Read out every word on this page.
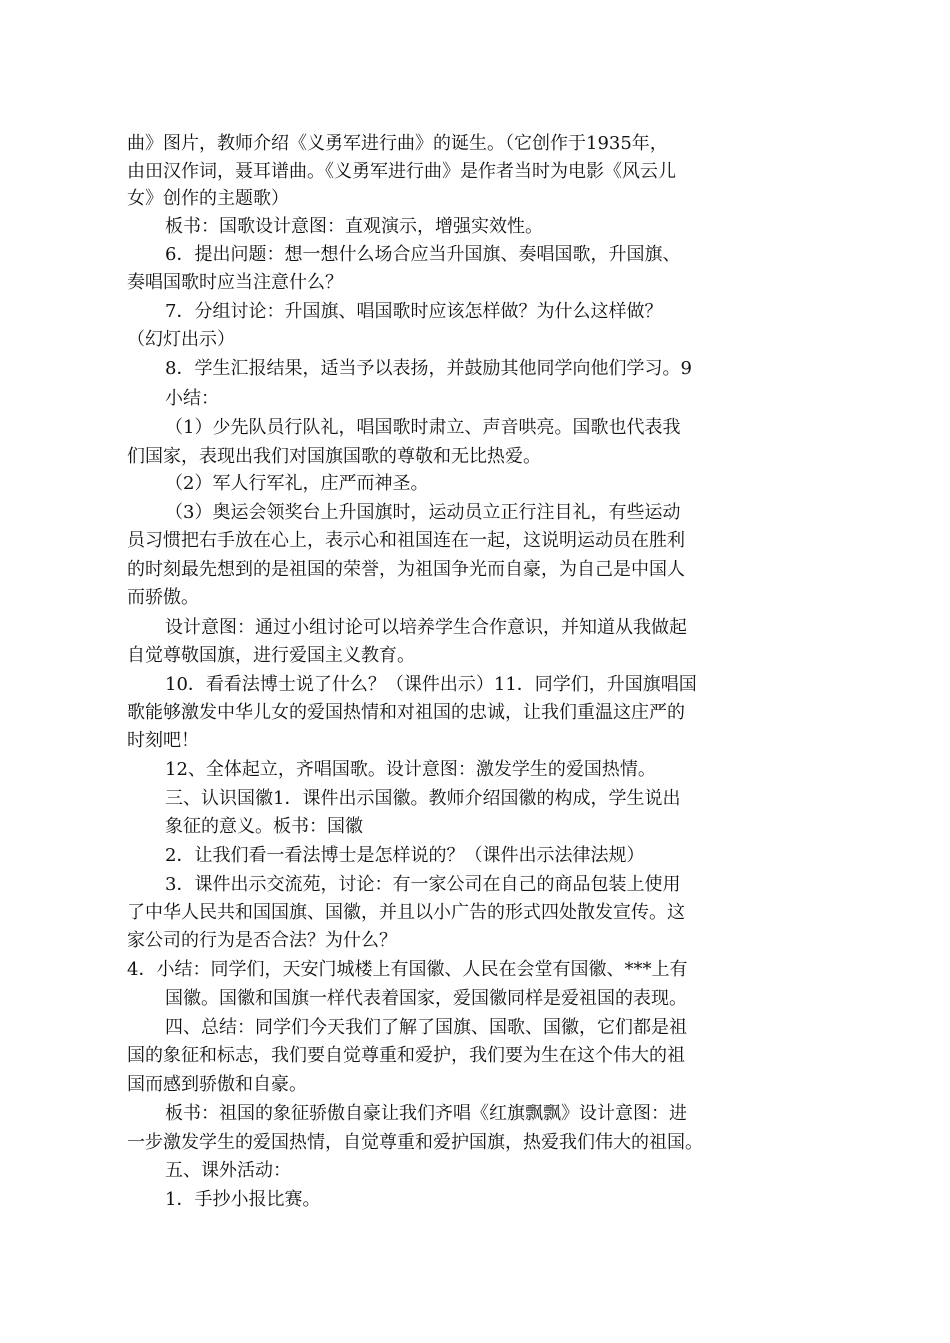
曲》图片，教师介绍《义勇军进行曲》的诞生。（它创作于1935年，
由田汉作词，聂耳谱曲。《义勇军进行曲》是作者当时为电影《风云儿
女》创作的主题歌）
板书：国歌设计意图：直观演示，增强实效性。
6．提出问题：想一想什么场合应当升国旗、奏唱国歌，升国旗、
奏唱国歌时应当注意什么？
7．分组讨论：升国旗、唱国歌时应该怎样做？为什么这样做？
（幻灯出示）
8．学生汇报结果，适当予以表扬，并鼓励其他同学向他们学习。9
小结：
（1）少先队员行队礼，唱国歌时肃立、声音哄亮。国歌也代表我
们国家，表现出我们对国旗国歌的尊敬和无比热爱。
（2）军人行军礼，庄严而神圣。
（3）奥运会领奖台上升国旗时，运动员立正行注目礼，有些运动
员习惯把右手放在心上，表示心和祖国连在一起，这说明运动员在胜利
的时刻最先想到的是祖国的荣誉，为祖国争光而自豪，为自己是中国人
而骄傲。
设计意图：通过小组讨论可以培养学生合作意识，并知道从我做起
自觉尊敬国旗，进行爱国主义教育。
10．看看法博士说了什么？（课件出示）11．同学们，升国旗唱国
歌能够激发中华儿女的爱国热情和对祖国的忠诚，让我们重温这庄严的
时刻吧！
12、全体起立，齐唱国歌。设计意图：激发学生的爱国热情。
三、认识国徽1．课件出示国徽。教师介绍国徽的构成，学生说出
象征的意义。板书：国徽
2．让我们看一看法博士是怎样说的？（课件出示法律法规）
3．课件出示交流苑，讨论：有一家公司在自己的商品包装上使用
了中华人民共和国国旗、国徽，并且以小广告的形式四处散发宣传。这
家公司的行为是否合法？为什么？
4．小结：同学们，天安门城楼上有国徽、人民在会堂有国徽、***上有
国徽。国徽和国旗一样代表着国家，爱国徽同样是爱祖国的表现。
四、总结：同学们今天我们了解了国旗、国歌、国徽，它们都是祖
国的象征和标志，我们要自觉尊重和爱护，我们要为生在这个伟大的祖
国而感到骄傲和自豪。
板书：祖国的象征骄傲自豪让我们齐唱《红旗飘飘》设计意图：进
一步激发学生的爱国热情，自觉尊重和爱护国旗，热爱我们伟大的祖国。
五、课外活动：
1．手抄小报比赛。
